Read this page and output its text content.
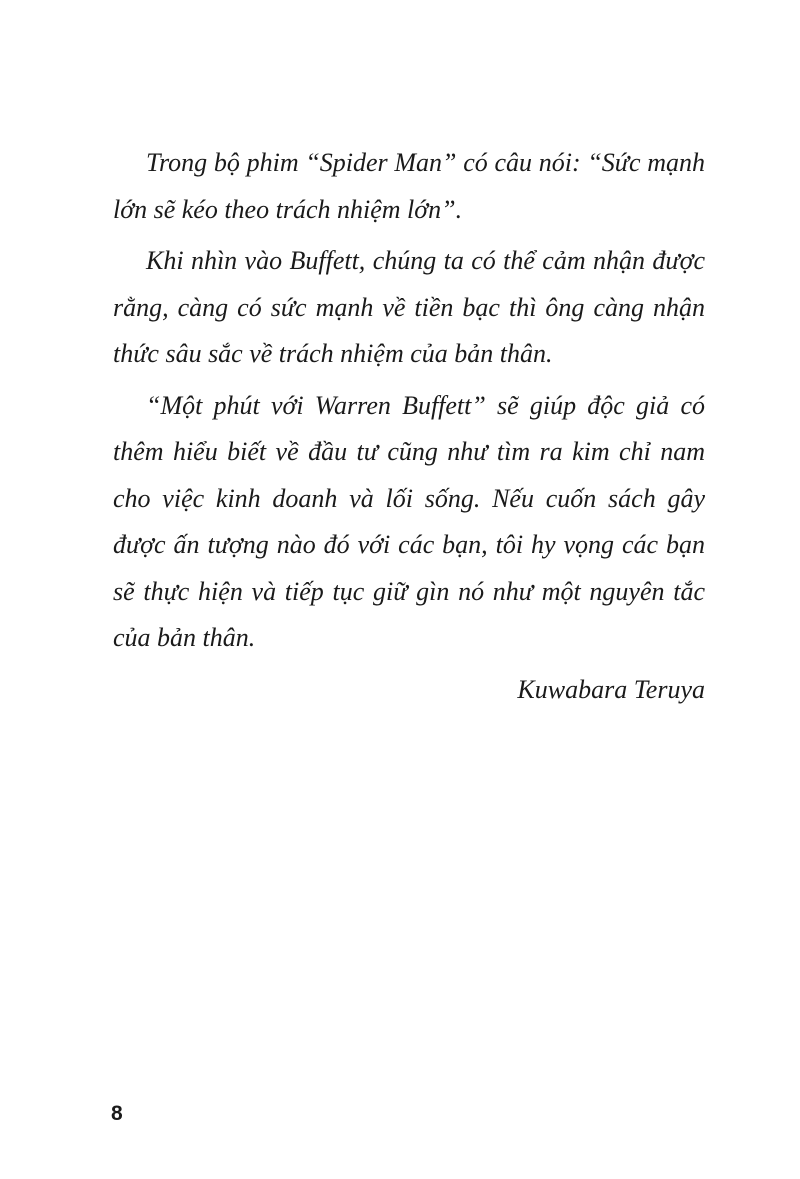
Trong bộ phim “Spider Man” có câu nói: “Sức mạnh lớn sẽ kéo theo trách nhiệm lớn”.

Khi nhìn vào Buffett, chúng ta có thể cảm nhận được rằng, càng có sức mạnh về tiền bạc thì ông càng nhận thức sâu sắc về trách nhiệm của bản thân.

“Một phút với Warren Buffett” sẽ giúp độc giả có thêm hiểu biết về đầu tư cũng như tìm ra kim chỉ nam cho việc kinh doanh và lối sống. Nếu cuốn sách gây được ấn tượng nào đó với các bạn, tôi hy vọng các bạn sẽ thực hiện và tiếp tục giữ gìn nó như một nguyên tắc của bản thân.

Kuwabara Teruya

8
